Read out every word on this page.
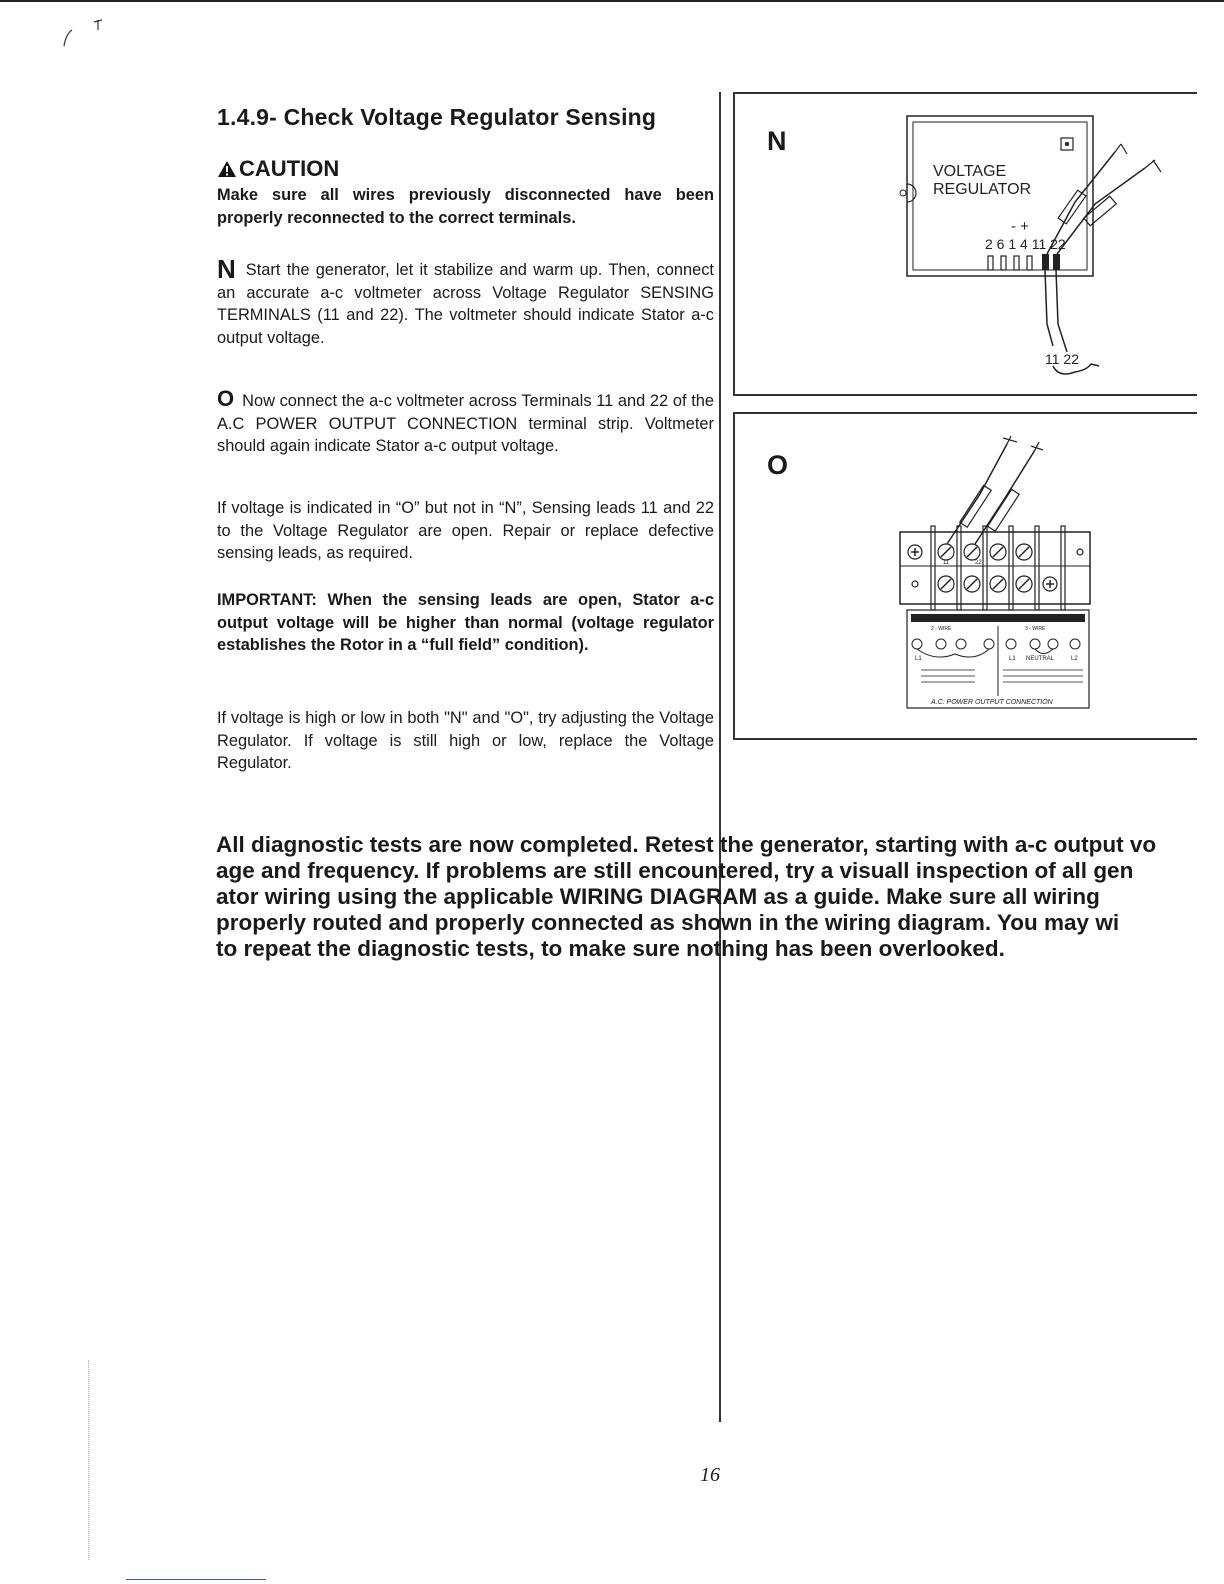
1.4.9- Check Voltage Regulator Sensing
CAUTION
Make sure all wires previously disconnected have been properly reconnected to the correct terminals.
N Start the generator, let it stabilize and warm up. Then, connect an accurate a-c voltmeter across Voltage Regulator SENSING TERMINALS (11 and 22). The voltmeter should indicate Stator a-c output voltage.
O Now connect the a-c voltmeter across Terminals 11 and 22 of the A.C POWER OUTPUT CONNECTION terminal strip. Voltmeter should again indicate Stator a-c output voltage.
If voltage is indicated in “O” but not in “N”, Sensing leads 11 and 22 to the Voltage Regulator are open. Repair or replace defective sensing leads, as required.
IMPORTANT: When the sensing leads are open, Stator a-c output voltage will be higher than normal (voltage regulator establishes the Rotor in a “full field” condition).
If voltage is high or low in both "N" and "O", try adjusting the Voltage Regulator. If voltage is still high or low, replace the Voltage Regulator.
N
VOLTAGE
REGULATOR
- +
2 6 1 4 11 22
11 22
O
11	22
2 - WIRE	3 - WIRE
L1	L1 NEUTRAL	L2
A.C. POWER OUTPUT CONNECTION
All diagnostic tests are now completed. Retest the generator, starting with a-c output vo
age and frequency. If problems are still encountered, try a visuall inspection of all gen
ator wiring using the applicable WIRING DIAGRAM as a guide. Make sure all wiring
properly routed and properly connected as shown in the wiring diagram. You may wi
to repeat the diagnostic tests, to make sure nothing has been overlooked.
16
